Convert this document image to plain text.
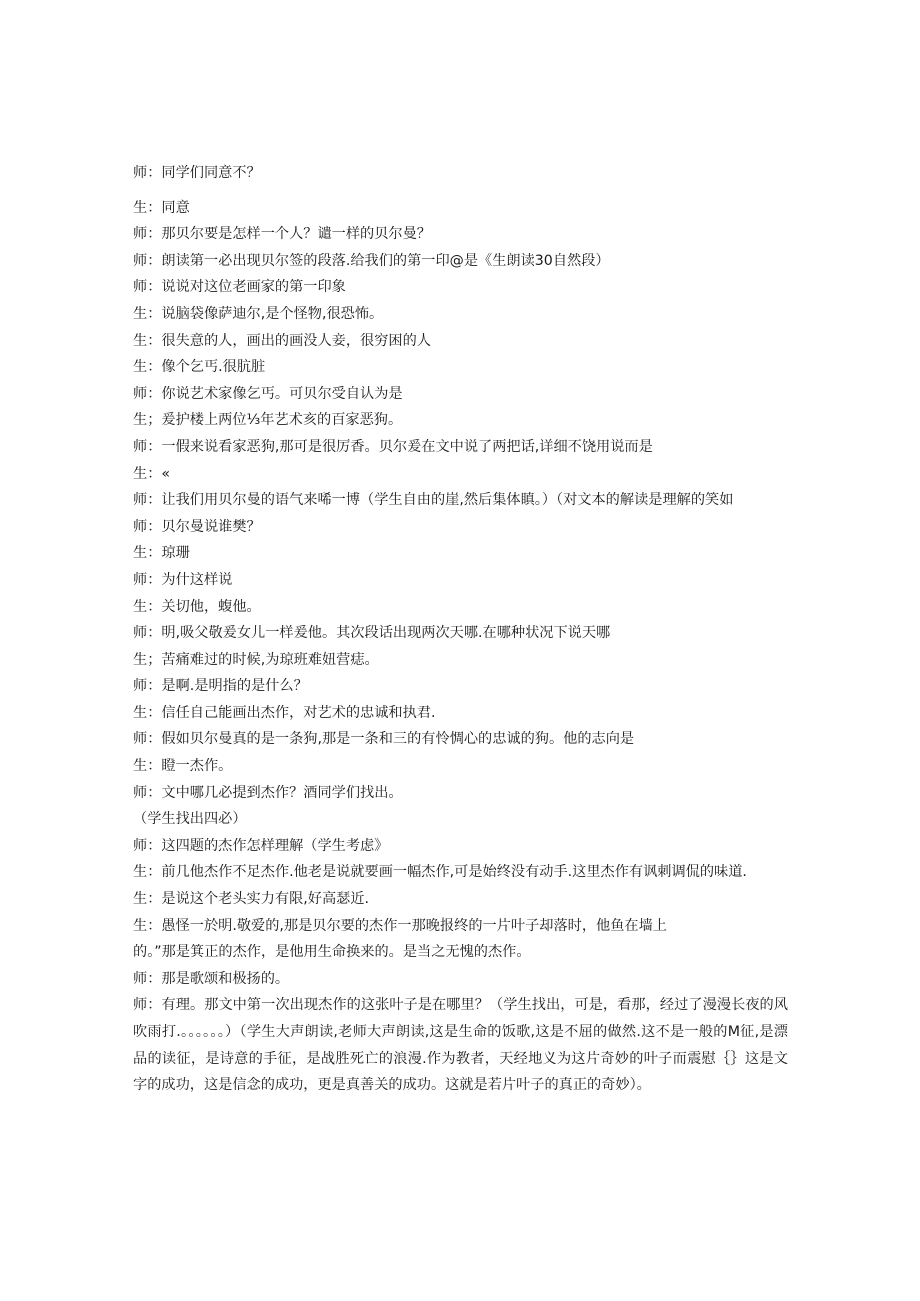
师：同学们同意不？
生：同意
师：那贝尔要是怎样一个人？谴一样的贝尔曼？
师：朗读第一必出现贝尔签的段落.给我们的第一印@是《生朗读30自然段）
师：说说对这位老画家的第一印象
生：说脑袋像萨迪尔,是个怪物,很恐怖。
生：很失意的人，画出的画没人妾，很穷困的人
生：像个乞丐.很肮脏
师：你说艺术家像乞丐。可贝尔受自认为是
生；爰护楼上两位⅓年艺术亥的百家恶狗。
师：一假来说看家恶狗,那可是很厉香。贝尔爰在文中说了两把话,详细不饶用说而是
生：«
师：让我们用贝尔曼的语气来唏一博（学生自由的崖,然后集体瞋。）（对文本的解读是理解的笑如
师：贝尔曼说谁樊？
生：琼珊
师：为什这样说
生：关切他，蝮他。
师：明,吸父敬爰女儿一样爰他。其次段话出现两次天哪.在哪种状况下说天哪
生；苦痛难过的时候,为琼班难妞营痣。
师：是啊.是明指的是什么？
生：信任自己能画出杰作，对艺术的忠诚和执君.
师：假如贝尔曼真的是一条狗,那是一条和三的有怜惆心的忠诚的狗。他的志向是
生：瞪一杰作。
师：文中哪几必提到杰作？酒同学们找出。
（学生找出四必）
师：这四题的杰作怎样理解（学生考虑》
生：前几他杰作不足杰作.他老是说就要画一幅杰作,可是始终没有动手.这里杰作有讽刺调侃的味道.
生：是说这个老头实力有限,好高瑟近.
生：愚怪一於明.敬爱的,那是贝尔要的杰作一那晚报终的一片叶子却落时，他鱼在墙上
的。”那是箕正的杰作，是他用生命换来的。是当之无愧的杰作。
师：那是歌颂和极扬的。
师：有理。那文中第一次出现杰作的这张叶子是在哪里？（学生找出，可是，看那，经过了漫漫长夜的风吹雨打.。。。。。。）（学生大声朗读,老师大声朗读,这是生命的饭歌,这是不屈的做然.这不是一般的M征,是漂品的读征，是诗意的手征，是战胜死亡的浪漫.作为教者，天经地义为这片奇妙的叶子而震慰｛｝这是文字的成功，这是信念的成功，更是真善关的成功。这就是若片叶子的真正的奇妙）。
